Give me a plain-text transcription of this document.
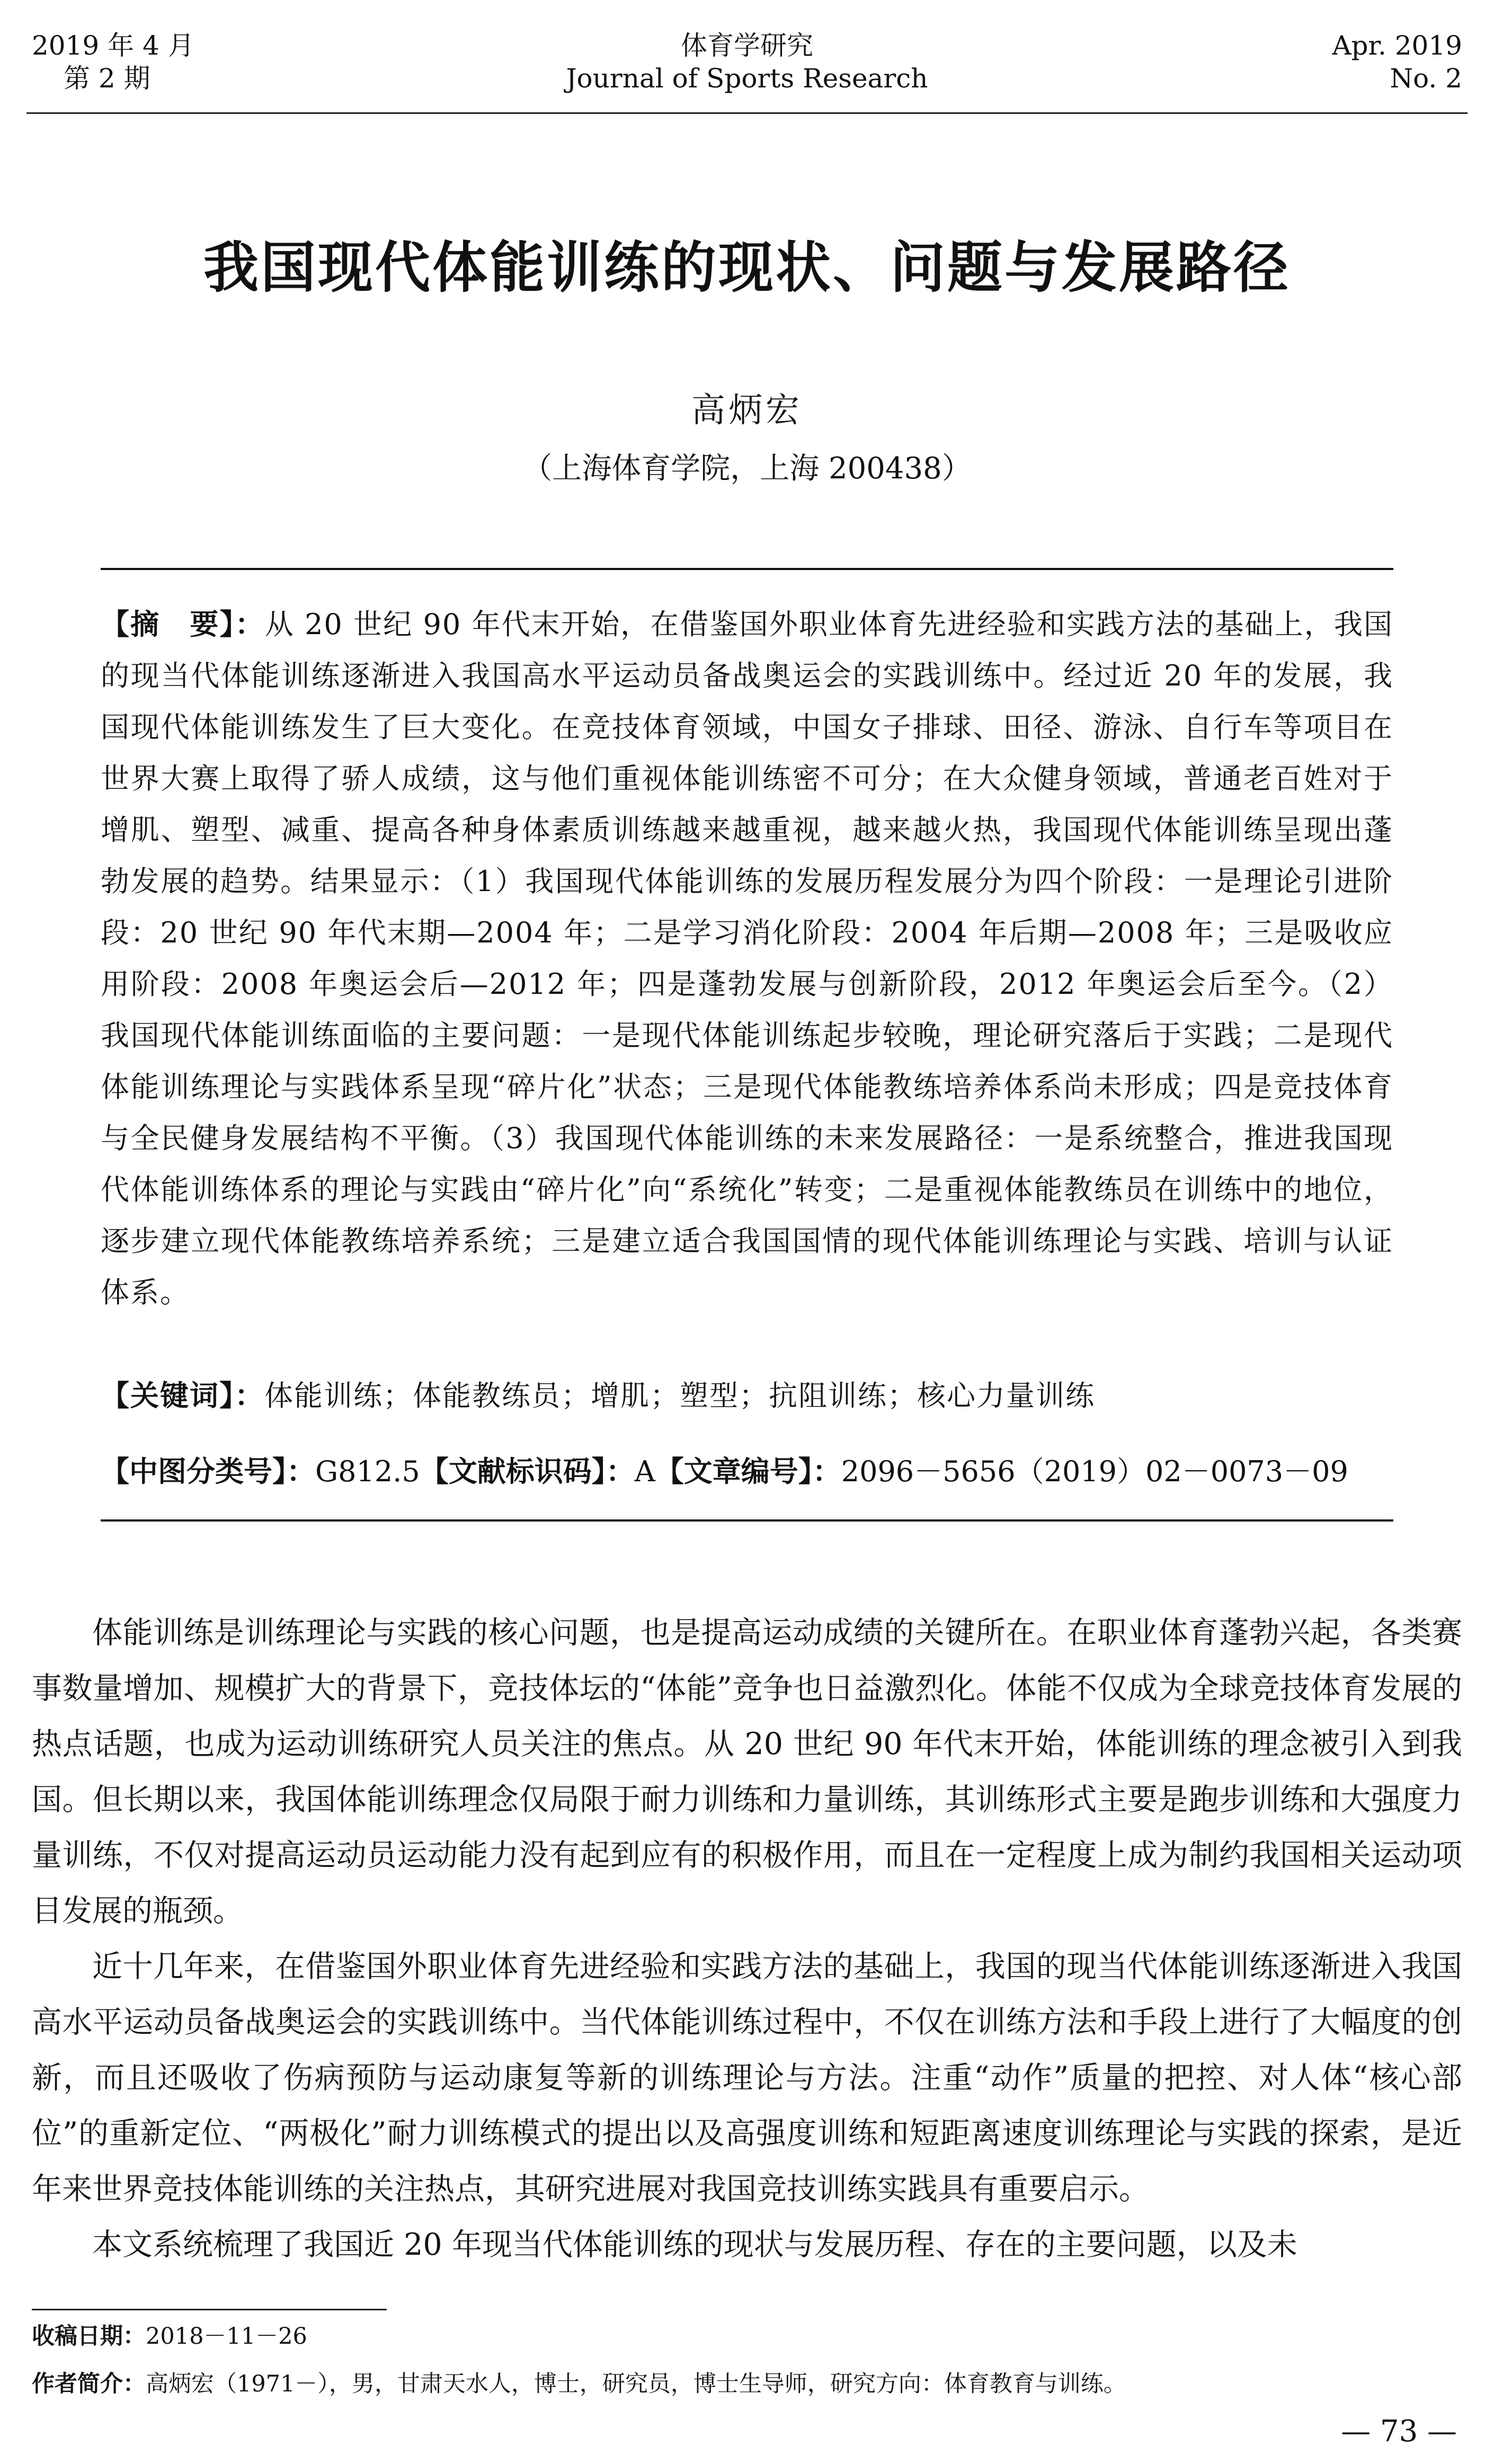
2019 年 4 月
第 2 期
体育学研究
Journal of Sports Research
Apr. 2019
No. 2
我国现代体能训练的现状、问题与发展路径
高炳宏
（上海体育学院，上海 200438）
【摘　要】：从 20 世纪 90 年代末开始，在借鉴国外职业体育先进经验和实践方法的基础上，我国的现当代体能训练逐渐进入我国高水平运动员备战奥运会的实践训练中。经过近 20 年的发展，我国现代体能训练发生了巨大变化。在竞技体育领域，中国女子排球、田径、游泳、自行车等项目在世界大赛上取得了骄人成绩，这与他们重视体能训练密不可分；在大众健身领域，普通老百姓对于增肌、塑型、减重、提高各种身体素质训练越来越重视，越来越火热，我国现代体能训练呈现出蓬勃发展的趋势。结果显示：（1）我国现代体能训练的发展历程发展分为四个阶段：一是理论引进阶段：20 世纪 90 年代末期—2004 年；二是学习消化阶段：2004 年后期—2008 年；三是吸收应用阶段：2008 年奥运会后—2012 年；四是蓬勃发展与创新阶段，2012 年奥运会后至今。（2）我国现代体能训练面临的主要问题：一是现代体能训练起步较晚，理论研究落后于实践；二是现代体能训练理论与实践体系呈现“碎片化”状态；三是现代体能教练培养体系尚未形成；四是竞技体育与全民健身发展结构不平衡。（3）我国现代体能训练的未来发展路径：一是系统整合，推进我国现代体能训练体系的理论与实践由“碎片化”向“系统化”转变；二是重视体能教练员在训练中的地位，逐步建立现代体能教练培养系统；三是建立适合我国国情的现代体能训练理论与实践、培训与认证体系。
【关键词】：体能训练；体能教练员；增肌；塑型；抗阻训练；核心力量训练
【中图分类号】：G812.5【文献标识码】：A【文章编号】：2096－5656（2019）02－0073－09

体能训练是训练理论与实践的核心问题，也是提高运动成绩的关键所在。在职业体育蓬勃兴起，各类赛事数量增加、规模扩大的背景下，竞技体坛的“体能”竞争也日益激烈化。体能不仅成为全球竞技体育发展的热点话题，也成为运动训练研究人员关注的焦点。从 20 世纪 90 年代末开始，体能训练的理念被引入到我国。但长期以来，我国体能训练理念仅局限于耐力训练和力量训练，其训练形式主要是跑步训练和大强度力量训练，不仅对提高运动员运动能力没有起到应有的积极作用，而且在一定程度上成为制约我国相关运动项目发展的瓶颈。

近十几年来，在借鉴国外职业体育先进经验和实践方法的基础上，我国的现当代体能训练逐渐进入我国高水平运动员备战奥运会的实践训练中。当代体能训练过程中，不仅在训练方法和手段上进行了大幅度的创新，而且还吸收了伤病预防与运动康复等新的训练理论与方法。注重“动作”质量的把控、对人体“核心部位”的重新定位、“两极化”耐力训练模式的提出以及高强度训练和短距离速度训练理论与实践的探索，是近年来世界竞技体能训练的关注热点，其研究进展对我国竞技训练实践具有重要启示。

本文系统梳理了我国近 20 年现当代体能训练的现状与发展历程、存在的主要问题，以及未

收稿日期：2018－11－26
作者简介：高炳宏（1971－），男，甘肃天水人，博士，研究员，博士生导师，研究方向：体育教育与训练。
— 73 —
